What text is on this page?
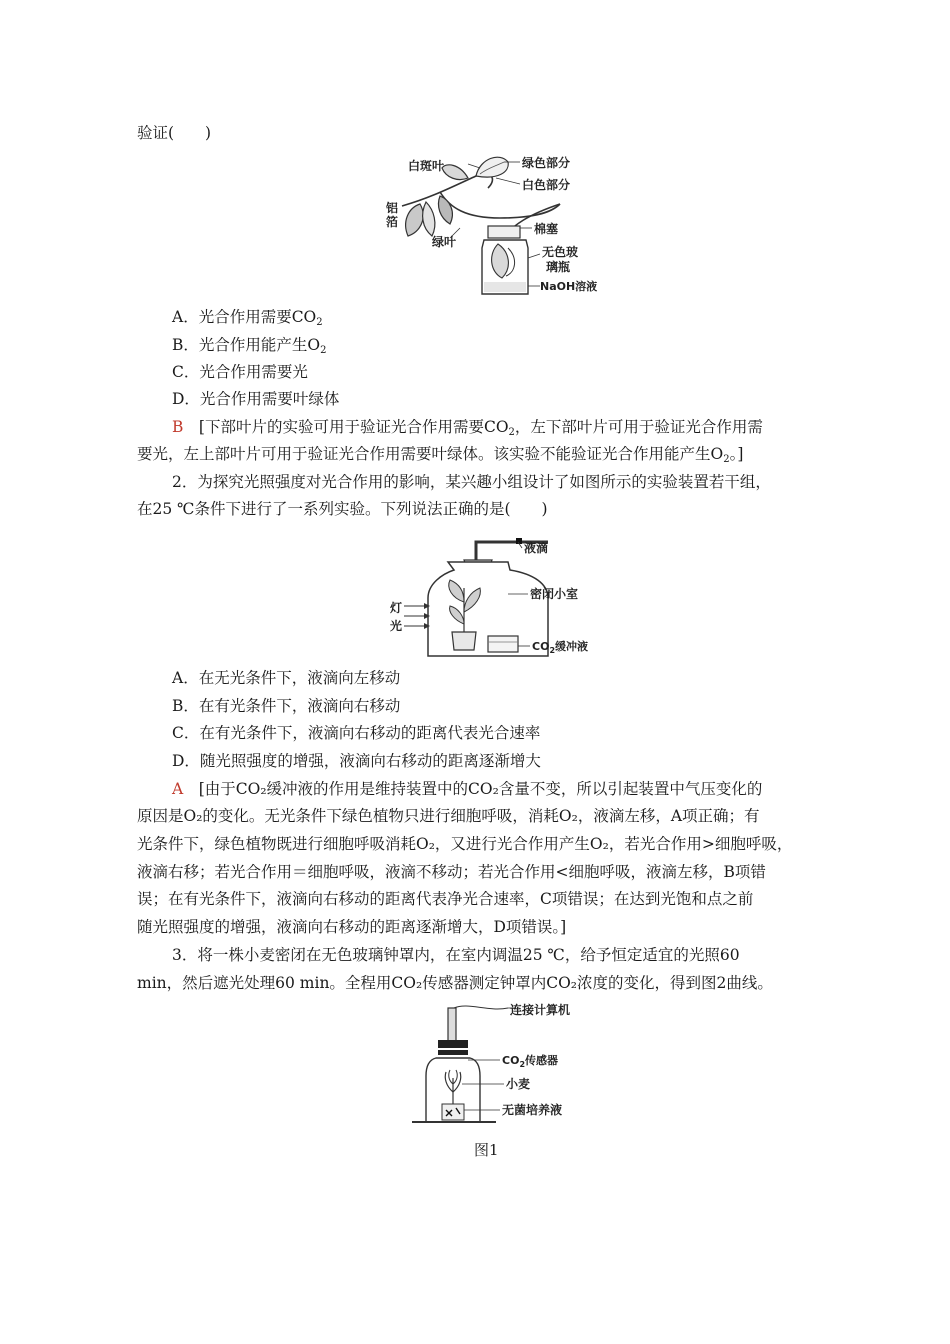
验证(　　)
白斑叶	绿色部分
白色部分
铝
箔
绿叶
棉塞
无色玻
璃瓶
NaOH溶液
A．光合作用需要$CO_2$
B．光合作用能产生$O_2$
C．光合作用需要光
D．光合作用需要叶绿体
B　 [下部叶片的实验可用于验证光合作用需要$CO_2$，左下部叶片可用于验证光合作用需
要光，左上部叶片可用于验证光合作用需要叶绿体。该实验不能验证光合作用能产生$O_2$。]
2．为探究光照强度对光合作用的影响，某兴趣小组设计了如图所示的实验装置若干组，
在25 ℃条件下进行了一系列实验。下列说法正确的是(　　)
液滴
密闭小室
灯
光
$CO_2$缓冲液
A．在无光条件下，液滴向左移动
B．在有光条件下，液滴向右移动
C．在有光条件下，液滴向右移动的距离代表光合速率
D．随光照强度的增强，液滴向右移动的距离逐渐增大
A　 [由于CO₂缓冲液的作用是维持装置中的CO₂含量不变，所以引起装置中气压变化的
原因是O₂的变化。无光条件下绿色植物只进行细胞呼吸，消耗O₂，液滴左移，A项正确；有
光条件下，绿色植物既进行细胞呼吸消耗O₂，又进行光合作用产生O₂，若光合作用>细胞呼吸，
液滴右移；若光合作用＝细胞呼吸，液滴不移动；若光合作用<细胞呼吸，液滴左移，B项错
误；在有光条件下，液滴向右移动的距离代表净光合速率，C项错误；在达到光饱和点之前
随光照强度的增强，液滴向右移动的距离逐渐增大，D项错误。]
3．将一株小麦密闭在无色玻璃钟罩内，在室内调温25 ℃，给予恒定适宜的光照60
min，然后遮光处理60 min。全程用CO₂传感器测定钟罩内CO₂浓度的变化，得到图2曲线。
连接计算机
$CO_2$传感器
小麦
无菌培养液
图1
